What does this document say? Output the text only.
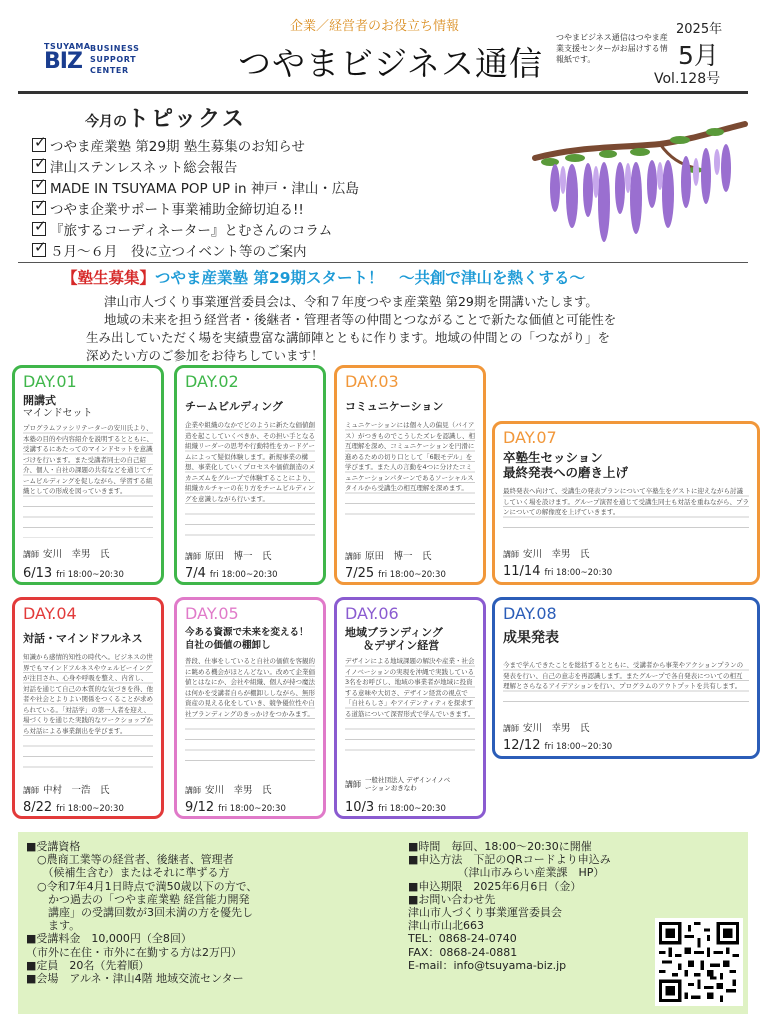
TSUYAMA
BIZ
BUSINESS
SUPPORT
CENTER
企業／経営者のお役立ち情報
つやまビジネス通信
つやまビジネス通信はつやま産業支援センターがお届けする情報紙です。
2025年
5月
Vol.128号
今月のトピックス
✓
つやま産業塾 第29期 塾生募集のお知らせ
✓
津山ステンレスネット総会報告
✓
MADE IN TSUYAMA POP UP in 神戸・津山・広島
✓
つやま企業サポート事業補助金締切迫る!!
✓
『旅するコーディネーター』とむさんのコラム
✓
５月～６月　役に立つイベント等のご案内
【塾生募集】つやま産業塾 第29期スタート！　～共創で津山を熱くする～

津山市人づくり事業運営委員会は、令和７年度つやま産業塾 第29期を開講いたします。

地域の未来を担う経営者・後継者・管理者等の仲間とつながることで新たな価値と可能性を

生み出していただく場を実績豊富な講師陣とともに作ります。地域の仲間との「つながり」を

深めたい方のご参加をお待ちしています！

DAY.01
開講式
マインドセット
プログラムファシリテーターの安川氏より、本塾の目的や内容紹介を説明するとともに、受講するにあたってのマインドセットを意識づけを行います。また受講者同士の自己紹介、個人・自社の課題の共有などを通じてチームビルディングを促しながら、学習する組織としての形成を図っていきます。
講師 安川　幸男　氏
6/13 fri 18:00~20:30
DAY.02
チームビルディング
企業や組織のなかでどのように新たな価値創造を起こしていくべきか、その担い手となる組織リーダーの思考や行動特性をカードゲームによって疑似体験します。新規事業の構想、事業化していくプロセスや価値創造のメカニズムをグループで体験することにより、組織カルチャーの在り方をチームビルディングを意識しながら行います。
講師 原田　博一　氏
7/4 fri 18:00~20:30
DAY.03
コミュニケーション
ミュニケーションには個々人の偏見（バイアス）がつきものでこうしたズレを認識し、相互理解を深め、コミュニケーションを円滑に進めるための切り口として「6眼モデル」を学びます。また人の言動を4つに分けたコミュニケーションパターンであるソーシャルスタイルから受講生の相互理解を深めます。
講師 原田　博一　氏
7/25 fri 18:00~20:30
DAY.07
卒塾生セッション
最終発表への磨き上げ
最終発表へ向けて、受講生の発表プランについて卒塾生をゲストに迎えながら討議していく場を設けます。グループ演習を通じて受講生同士も対話を重ねながら、プランについての解像度を上げていきます。
講師 安川　幸男　氏
11/14 fri 18:00~20:30
DAY.04
対話・マインドフルネス
知識から感情的知性の時代へ。ビジネスの世界でもマインドフルネスやウェルビーイングが注目され、心身や呼吸を整え、内省し、対話を通じて自己の本質的な気づきを得、他者や社会とよりよい関係をつくることが求められている。「対話学」の第一人者を迎え、場づくりを通じた実践的なワークショップから対話による事業創出を学びます。
講師 中村　一浩　氏
8/22 fri 18:00~20:30
DAY.05
今ある資源で未来を変える！
自社の価値の棚卸し
普段、仕事をしていると自社の価値を客観的に眺める機会がほとんどない。改めて企業価値とはなにか、会社や組織、個人が持つ魔法は何かを受講者自らが棚卸ししながら、無形資産の見える化をしていき、競争優位性や自社ブランディングのきっかけをつかみます。
講師 安川　幸男　氏
9/12 fri 18:00~20:30
DAY.06
地域ブランディング
＆デザイン経営
デザインによる地域課題の解決や産業・社会イノベーションの実現を沖縄で実践している3名をお呼びし、地域の事業者が地域に投資する意味や大切さ、デザイン経営の視点で「自社らしさ」やアイデンティティを探求する道筋について深習形式で学んでいきます。
講師 一般社団法人 デザインイノベーションおきなわ
10/3 fri 18:00~20:30
DAY.08
成果発表
今まで学んできたことを総括するとともに、受講者から事業やアクションプランの発表を行い、自己の意志を再認識します。またグループで各自発表についての相互理解とさらなるアイデアションを行い、プログラムのアウトプットを共有します。
講師 安川　幸男　氏
12/12 fri 18:00~20:30
■受講資格
　○農商工業等の経営者、後継者、管理者
　　（候補生含む）またはそれに準ずる方
　○令和7年4月1日時点で満50歳以下の方で、
　　かつ過去の「つやま産業塾 経営能力開発
　　講座」の受講回数が3回未満の方を優先し
　　ます。
■受講料金　10,000円（全8回）
（市外に在住・市外に在勤する方は2万円）
■定員　20名（先着順）
■会場　アルネ・津山4階 地域交流センター
■時間　毎回、18:00～20:30に開催
■申込方法　下記のQRコードより申込み
　　　　　（津山市みらい産業課　HP）
■申込期限　2025年6月6日（金）
■お問い合わせ先
津山市人づくり事業運営委員会
津山市山北663
TEL：0868-24-0740
FAX：0868-24-0881
E-mail：info@tsuyama-biz.jp
